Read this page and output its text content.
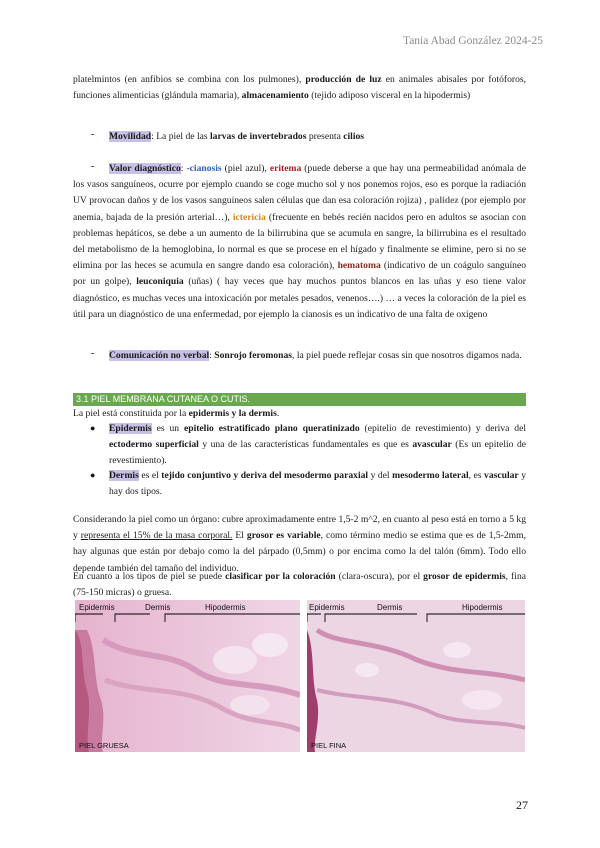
Tania Abad González 2024-25
platelmintos (en anfibios se combina con los pulmones), producción de luz en animales abisales por fotóforos, funciones alimenticias (glándula mamaria), almacenamiento (tejido adiposo visceral en la hipodermis)
- Movilidad: La piel de las larvas de invertebrados presenta cilios
-	Valor diagnóstico: -cianosis (piel azul), eritema (puede deberse a que hay una permeabilidad anómala de los vasos sanguíneos, ocurre por ejemplo cuando se coge mucho sol y nos ponemos rojos, eso es porque la radiación UV provocan daños y de los vasos sanguíneos salen células que dan esa coloración rojiza) , palidez (por ejemplo por anemia, bajada de la presión arterial…), ictericia (frecuente en bebés recién nacidos pero en adultos se asocian con problemas hepáticos, se debe a un aumento de la bilirrubina que se acumula en sangre, la bilirrubina es el resultado del metabolismo de la hemoglobina, lo normal es que se procese en el hígado y finalmente se elimine, pero si no se elimina por las heces se acumula en sangre dando esa coloración), hematoma (indicativo de un coágulo sanguíneo por un golpe), leuconiquia (uñas) ( hay veces que hay muchos puntos blancos en las uñas y eso tiene valor diagnóstico, es muchas veces una intoxicación por metales pesados, venenos….) … a veces la coloración de la piel es útil para un diagnóstico de una enfermedad, por ejemplo la cianosis es un indicativo de una falta de oxígeno
- Comunicación no verbal: Sonrojo feromonas, la piel puede reflejar cosas sin que nosotros digamos nada.
3.1 PIEL MEMBRANA CUTANEA O CUTIS.
La piel está constituida por la epidermis y la dermis.
● Epidermis es un epitelio estratificado plano queratinizado (epitelio de revestimiento) y deriva del ectodermo superficial y una de las características fundamentales es que es avascular (Es un epitelio de revestimiento).
● Dermis es el tejido conjuntivo y deriva del mesodermo paraxial y del mesodermo lateral, es vascular y hay dos tipos.
Considerando la piel como un órgano: cubre aproximadamente entre 1,5-2 m^2, en cuanto al peso está en torno a 5 kg y representa el 15% de la masa corporal. El grosor es variable, como término medio se estima que es de 1,5-2mm, hay algunas que están por debajo como la del párpado (0,5mm) o por encima como la del talón (6mm). Todo ello depende también del tamaño del individuo.
En cuanto a los tipos de piel se puede clasificar por la coloración (clara-oscura), por el grosor de epidermis, fina (75-150 micras) o gruesa.
Epidermis	Dermis	Hipodermis
PIEL GRUESA
Epidermis	Dermis	Hipodermis
PIEL FINA
27
